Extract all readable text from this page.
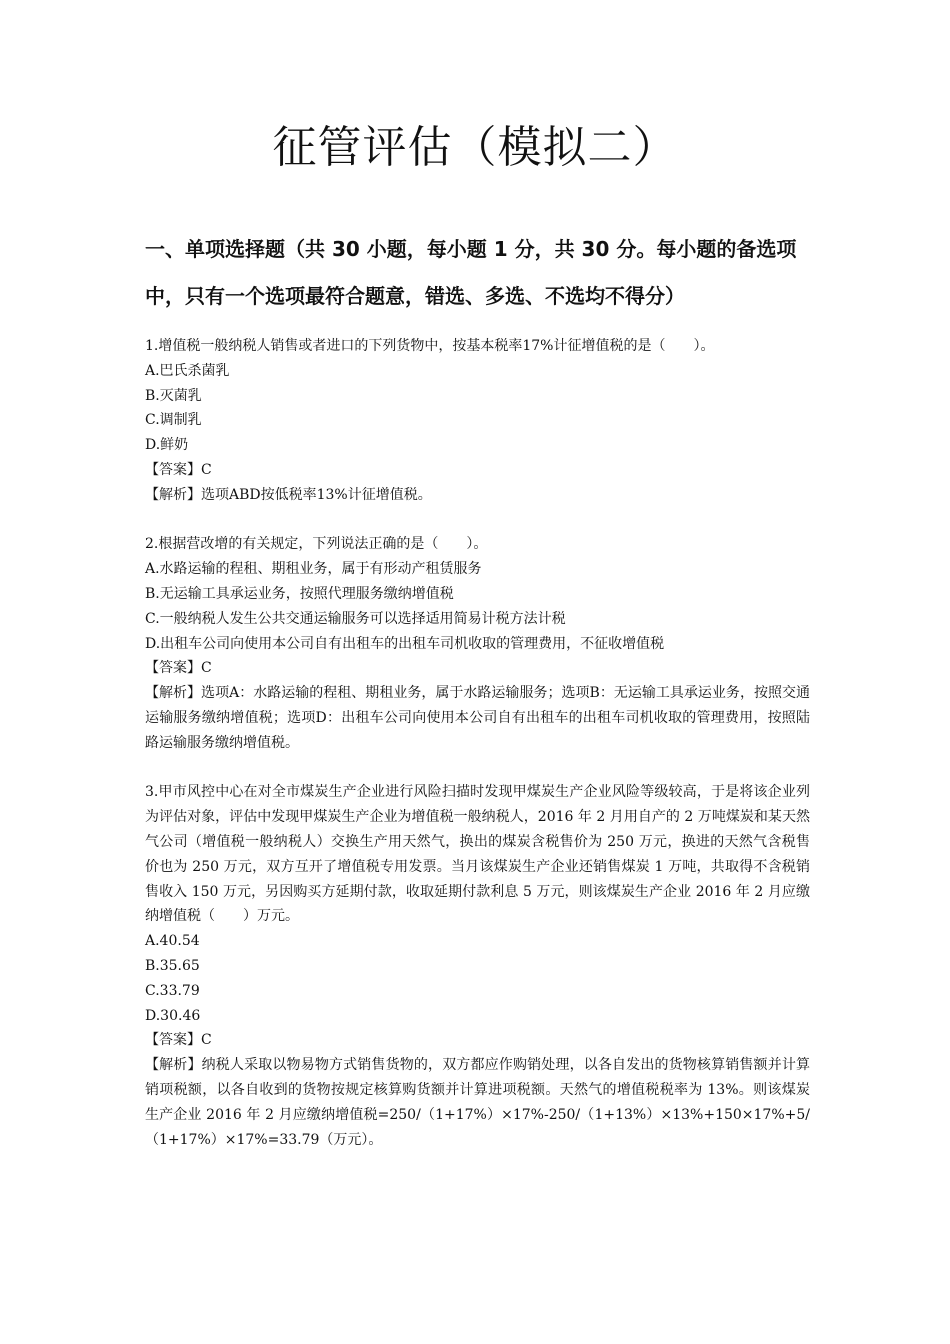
征管评估（模拟二）
一、单项选择题（共 30 小题，每小题 1 分，共 30 分。每小题的备选项中，只有一个选项最符合题意，错选、多选、不选均不得分）

1.增值税一般纳税人销售或者进口的下列货物中，按基本税率17%计征增值税的是（　　）。

A.巴氏杀菌乳

B.灭菌乳

C.调制乳

D.鲜奶

【答案】C

【解析】选项ABD按低税率13%计征增值税。

2.根据营改增的有关规定，下列说法正确的是（　　）。

A.水路运输的程租、期租业务，属于有形动产租赁服务

B.无运输工具承运业务，按照代理服务缴纳增值税

C.一般纳税人发生公共交通运输服务可以选择适用简易计税方法计税

D.出租车公司向使用本公司自有出租车的出租车司机收取的管理费用，不征收增值税

【答案】C

【解析】选项A：水路运输的程租、期租业务，属于水路运输服务；选项B：无运输工具承运业务，按照交通运输服务缴纳增值税；选项D：出租车公司向使用本公司自有出租车的出租车司机收取的管理费用，按照陆路运输服务缴纳增值税。

3.甲市风控中心在对全市煤炭生产企业进行风险扫描时发现甲煤炭生产企业风险等级较高，于是将该企业列为评估对象，评估中发现甲煤炭生产企业为增值税一般纳税人，2016 年 2 月用自产的 2 万吨煤炭和某天然气公司（增值税一般纳税人）交换生产用天然气，换出的煤炭含税售价为 250 万元，换进的天然气含税售价也为 250 万元，双方互开了增值税专用发票。当月该煤炭生产企业还销售煤炭 1 万吨，共取得不含税销售收入 150 万元，另因购买方延期付款，收取延期付款利息 5 万元，则该煤炭生产企业 2016 年 2 月应缴纳增值税（　　）万元。

A.40.54

B.35.65

C.33.79

D.30.46

【答案】C

【解析】纳税人采取以物易物方式销售货物的，双方都应作购销处理，以各自发出的货物核算销售额并计算销项税额，以各自收到的货物按规定核算购货额并计算进项税额。天然气的增值税税率为 13%。则该煤炭生产企业 2016 年 2 月应缴纳增值税=250/（1+17%）×17%-250/（1+13%）×13%+150×17%+5/（1+17%）×17%=33.79（万元）。
